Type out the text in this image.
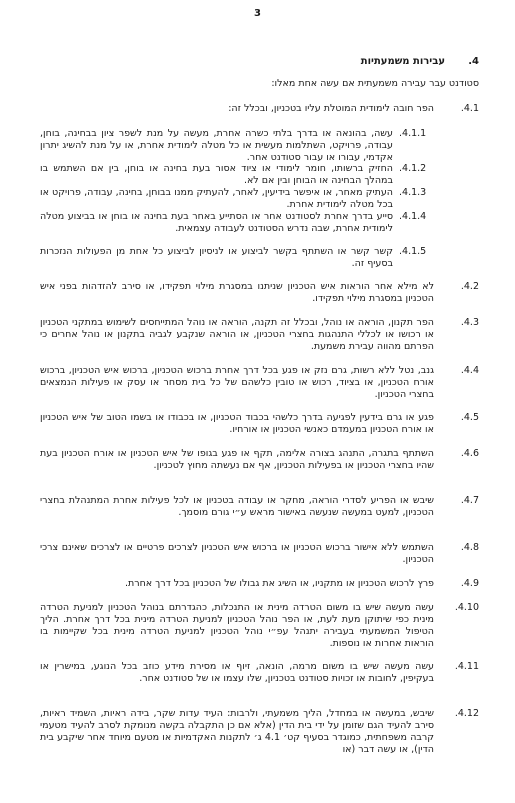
3
4.עבירות משמעתיות
סטודנט עבר עבירה משמעתית אם עשה אחת מאלו:
4.1.
הפר חובה לימודית המוטלת עליו בטכניון, ובכלל זה:
4.1.1.
עשה, בהונאה או בדרך בלתי כשרה אחרת, מעשה על מנת לשפר ציון בבחינה, בוחן, עבודה, פרויקט, השתלמות מעשית או כל מטלה לימודית אחרת, או על מנת להשיג יתרון אקדמי, עבורו או עבור סטודנט אחר.
4.1.2.
החזיק ברשותו, חומר לימודי או ציוד אסור בעת בחינה או בוחן, בין אם השתמש בו במהלך הבחינה או הבוחן ובין אם לא.
4.1.3.
העתיק מאחר, או איפשר בידיעין, לאחר, להעתיק ממנו בבוחן, בחינה, עבודה, פרויקט או בכל מטלה לימודית אחרת.
4.1.4.
סייע בדרך אחרת לסטודנט אחר או הסתייע באחר בעת בחינה או בוחן או בביצוע מטלה לימודית אחרת, שבה נדרש הסטודנט לעבודה עצמאית.
4.1.5.
קשר קשר או השתתף בקשר לביצוע או לניסיון לביצוע כל אחת מן הפעולות הנזכרות בסעיף זה.
4.2.
לא מילא אחר הוראות איש הטכניון שניתנו במסגרת מילוי תפקידו, או סירב להזדהות בפני איש הטכניון במסגרת מילוי תפקידו.
4.3.
הפר תקנון, הוראה או נוהל, ובכלל זה תקנה, הוראה או נוהל המתייחסים לשימוש במתקני הטכניון או רכושו או לכללי התנהגות בחצרי הטכניון, או הוראה שנקבע לגביה בתקנון או נוהל אחרים כי הפרתם מהווה עבירת משמעת.
4.4.
גנב, נטל ללא רשות, גרם נזק או פגע בכל דרך אחרת ברכוש הטכניון, ברכוש איש הטכניון, ברכוש אורח הטכניון, או בציוד, רכוש או טובין כלשהם של כל בית מסחר או עסק או פעילות הנמצאים בחצרי הטכניון.
4.5.
פגע או גרם בידעין לפגיעה בדרך כלשהי בכבוד הטכניון, או בכבודו או בשמו הטוב של איש הטכניון או אורח הטכניון במעמדם כאנשי הטכניון או אורחיו.
4.6.
השתתף בתגרה, התנהג בצורה אלימה, תקף או פגע בגופו של איש הטכניון או אורח הטכניון בעת שהיו בחצרי הטכניון או בפעילות הטכניון, אף אם נעשתה מחוץ לטכניון.
4.7.
שיבש או הפריע לסדרי הוראה, מחקר או עבודה בטכניון או לכל פעילות אחרת המתנהלת בחצרי הטכניון, למעט במעשה שנעשה באישור מראש ע״י גורם מוסמך.
4.8.
השתמש ללא אישור ברכוש הטכניון או ברכוש איש הטכניון לצרכים פרטיים או לצרכים שאינם צרכי הטכניון.
4.9.
פרץ לרכוש הטכניון או מתקניו, או השיג את גבולו של הטכניון בכל דרך אחרת.
4.10.
עשה מעשה שיש בו משום הטרדה מינית או התנכלות, כהגדרתם בנוהל הטכניון למניעת הטרדה מינית כפי שיתוקן מעת לעת, או הפר נוהל הטכניון למניעת הטרדה מינית בכל דרך אחרת. הליך הטיפול המשמעתי בעבירה יתנהל עפ״י נוהל הטכניון למניעת הטרדה מינית בכל שקיימות בו הוראות אחרות או נוספות.
4.11.
עשה מעשה שיש בו משום מרמה, הונאה, זיוף או מסירת מידע כוזב בכל הנוגע, במישרין או בעקיפין, לחובות או זכויות סטודנט בטכניון, שלו עצמו או של סטודנט אחר.
4.12.
שיבש, במעשה או במחדל, הליך משמעתי, ולרבות: העיד עדות שקר, בידה ראיות, השמיד ראיות, סירב להעיד הגם שזומן על ידי בית הדין (אלא אם כן התקבלה בקשה מנומקת לסרב להעיד מטעמי קרבה משפחתית, כמוגדר בסעיף קט׳ 4.1 ג׳ לתקנות האקדמיות או מטעם מיוחד אחר שיקבע בית הדין), או עשה דבר (או
